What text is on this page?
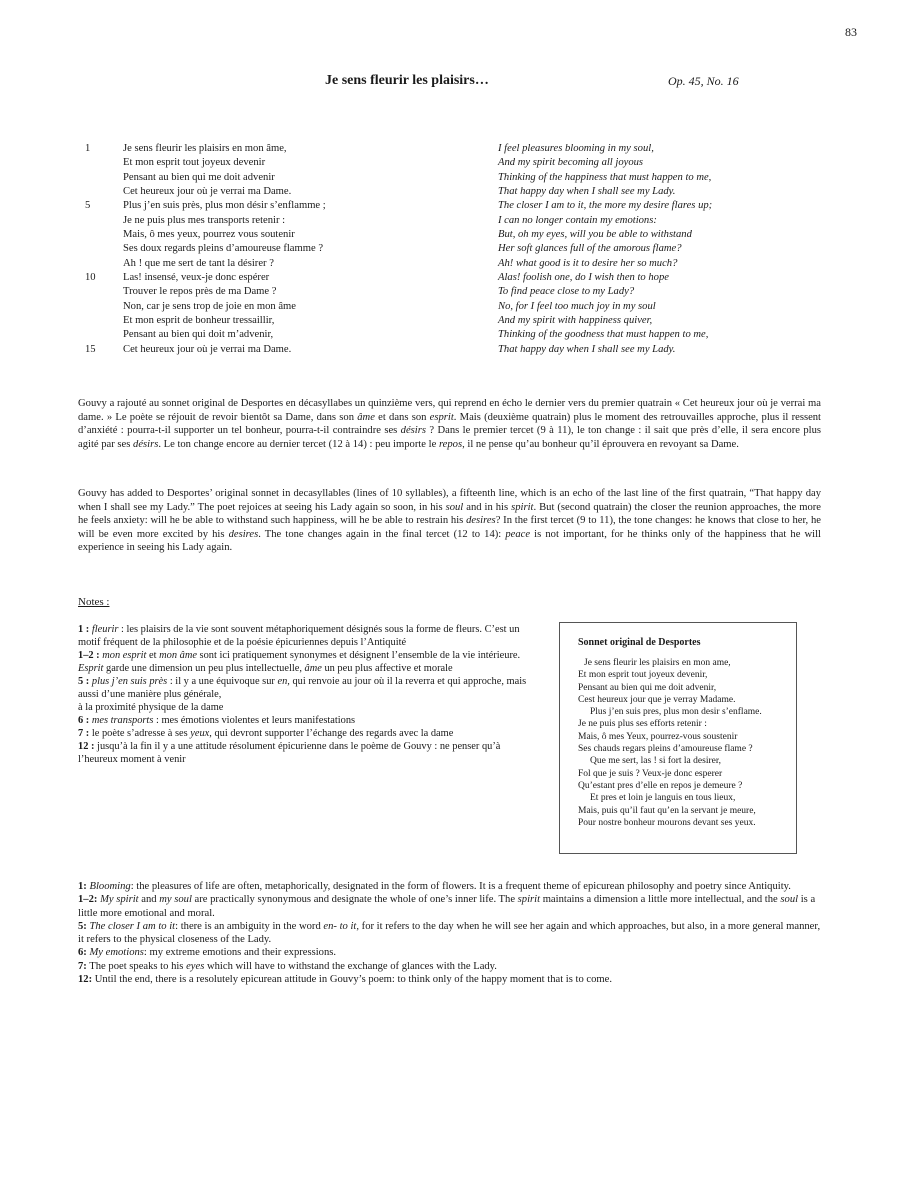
83
Je sens fleurir les plaisirs…	Op. 45, No. 16
1	Je sens fleurir les plaisirs en mon âme,	I feel pleasures blooming in my soul,
Et mon esprit tout joyeux devenir	And my spirit becoming all joyous
Pensant au bien qui me doit advenir	Thinking of the happiness that must happen to me,
Cet heureux jour où je verrai ma Dame.	That happy day when I shall see my Lady.
5	Plus j’en suis près, plus mon désir s’enflamme ;	The closer I am to it, the more my desire flares up;
Je ne puis plus mes transports retenir :	I can no longer contain my emotions:
Mais, ô mes yeux, pourrez vous soutenir	But, oh my eyes, will you be able to withstand
Ses doux regards pleins d’amoureuse flamme ?	Her soft glances full of the amorous flame?
Ah ! que me sert de tant la désirer ?	Ah! what good is it to desire her so much?
10	Las! insensé, veux-je donc espérer	Alas! foolish one, do I wish then to hope
Trouver le repos près de ma Dame ?	To find peace close to my Lady?
Non, car je sens trop de joie en mon âme	No, for I feel too much joy in my soul
Et mon esprit de bonheur tressaillir,	And my spirit with happiness quiver,
Pensant au bien qui doit m’advenir,	Thinking of the goodness that must happen to me,
15	Cet heureux jour où je verrai ma Dame.	That happy day when I shall see my Lady.

Gouvy a rajouté au sonnet original de Desportes en décasyllabes un quinzième vers, qui reprend en écho le dernier vers du premier quatrain « Cet heureux jour où je verrai ma dame. » Le poète se réjouit de revoir bientôt sa Dame, dans son âme et dans son esprit. Mais (deuxième quatrain) plus le moment des retrouvailles approche, plus il ressent d’anxiété : pourra-t-il supporter un tel bonheur, pourra-t-il contraindre ses désirs ? Dans le premier tercet (9 à 11), le ton change : il sait que près d’elle, il sera encore plus agité par ses désirs. Le ton change encore au dernier tercet (12 à 14) : peu importe le repos, il ne pense qu’au bonheur qu’il éprouvera en revoyant sa Dame.

Gouvy has added to Desportes’ original sonnet in decasyllables (lines of 10 syllables), a fifteenth line, which is an echo of the last line of the first quatrain, “That happy day when I shall see my Lady.” The poet rejoices at seeing his Lady again so soon, in his soul and in his spirit. But (second quatrain) the closer the reunion approaches, the more he feels anxiety: will he be able to withstand such happiness, will he be able to restrain his desires? In the first tercet (9 to 11), the tone changes: he knows that close to her, he will be even more excited by his desires. The tone changes again in the final tercet (12 to 14): peace is not important, for he thinks only of the happiness that he will experience in seeing his Lady again.

Notes :

1 : fleurir : les plaisirs de la vie sont souvent métaphoriquement désignés sous la forme de fleurs. C’est un motif fréquent de la philosophie et de la poésie épicuriennes depuis l’Antiquité

1–2 : mon esprit et mon âme sont ici pratiquement synonymes et désignent l’ensemble de la vie intérieure. Esprit garde une dimension un peu plus intellectuelle, âme un peu plus affective et morale

5 : plus j’en suis près : il y a une équivoque sur en, qui renvoie au jour où il la reverra et qui approche, mais aussi d’une manière plus générale,
à la proximité physique de la dame

6 : mes transports : mes émotions violentes et leurs manifestations

7 : le poète s’adresse à ses yeux, qui devront supporter l’échange des regards avec la dame

12 : jusqu’à la fin il y a une attitude résolument épicurienne dans le poème de Gouvy : ne penser qu’à l’heureux moment à venir

Sonnet original de Desportes
Je sens fleurir les plaisirs en mon ame,
Et mon esprit tout joyeux devenir,
Pensant au bien qui me doit advenir,
Cest heureux jour que je verray Madame.
Plus j’en suis pres, plus mon desir s’enflame.
Je ne puis plus ses efforts retenir :
Mais, ô mes Yeux, pourrez-vous soustenir
Ses chauds regars pleins d’amoureuse flame ?
Que me sert, las ! si fort la desirer,
Fol que je suis ? Veux-je donc esperer
Qu’estant pres d’elle en repos je demeure ?
Et pres et loin je languis en tous lieux,
Mais, puis qu’il faut qu’en la servant je meure,
Pour nostre bonheur mourons devant ses yeux.

1: Blooming: the pleasures of life are often, metaphorically, designated in the form of flowers. It is a frequent theme of epicurean philosophy and poetry since Antiquity.

1–2: My spirit and my soul are practically synonymous and designate the whole of one’s inner life. The spirit maintains a dimension a little more intellectual, and the soul is a little more emotional and moral.

5: The closer I am to it: there is an ambiguity in the word en- to it, for it refers to the day when he will see her again and which approaches, but also, in a more general manner, it refers to the physical closeness of the Lady.

6: My emotions: my extreme emotions and their expressions.

7: The poet speaks to his eyes which will have to withstand the exchange of glances with the Lady.

12: Until the end, there is a resolutely epicurean attitude in Gouvy’s poem: to think only of the happy moment that is to come.
